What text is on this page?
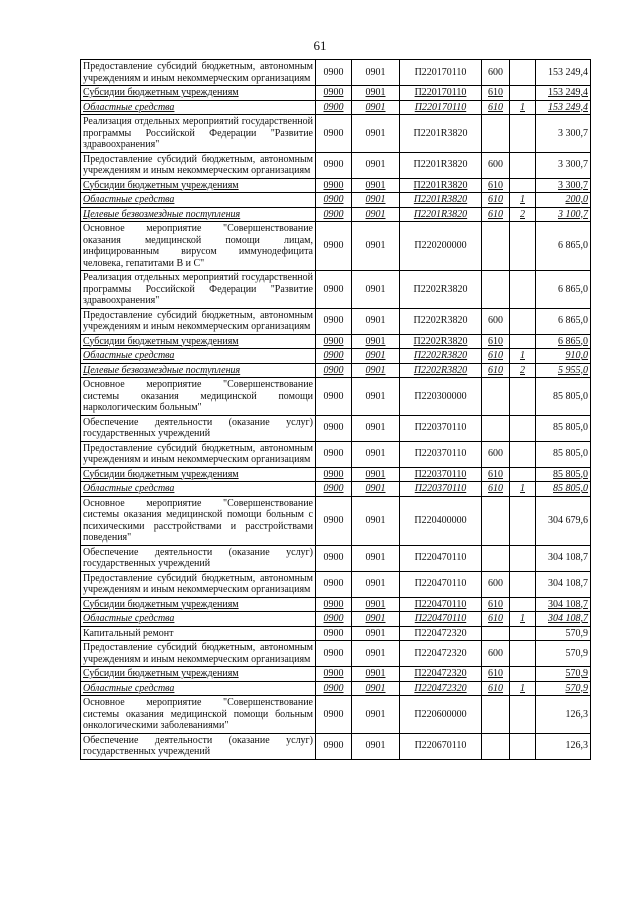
61
Предоставление субсидий бюджетным, автономным учреждениям и иным некоммерческим организациям	0900	0901	П220170110	600		153 249,4
Субсидии бюджетным учреждениям	0900	0901	П220170110	610		153 249,4
Областные средства	0900	0901	П220170110	610	1	153 249,4
Реализация отдельных мероприятий государственной программы Российской Федерации "Развитие здравоохранения"	0900	0901	П2201R3820			3 300,7
Предоставление субсидий бюджетным, автономным учреждениям и иным некоммерческим организациям	0900	0901	П2201R3820	600		3 300,7
Субсидии бюджетным учреждениям	0900	0901	П2201R3820	610		3 300,7
Областные средства	0900	0901	П2201R3820	610	1	200,0
Целевые безвозмездные поступления	0900	0901	П2201R3820	610	2	3 100,7
Основное мероприятие "Совершенствование оказания медицинской помощи лицам, инфицированным вирусом иммунодефицита человека, гепатитами В и С"	0900	0901	П220200000			6 865,0
Реализация отдельных мероприятий государственной программы Российской Федерации "Развитие здравоохранения"	0900	0901	П2202R3820			6 865,0
Предоставление субсидий бюджетным, автономным учреждениям и иным некоммерческим организациям	0900	0901	П2202R3820	600		6 865,0
Субсидии бюджетным учреждениям	0900	0901	П2202R3820	610		6 865,0
Областные средства	0900	0901	П2202R3820	610	1	910,0
Целевые безвозмездные поступления	0900	0901	П2202R3820	610	2	5 955,0
Основное мероприятие "Совершенствование системы оказания медицинской помощи наркологическим больным"	0900	0901	П220300000			85 805,0
Обеспечение деятельности (оказание услуг) государственных учреждений	0900	0901	П220370110			85 805,0
Предоставление субсидий бюджетным, автономным учреждениям и иным некоммерческим организациям	0900	0901	П220370110	600		85 805,0
Субсидии бюджетным учреждениям	0900	0901	П220370110	610		85 805,0
Областные средства	0900	0901	П220370110	610	1	85 805,0
Основное мероприятие "Совершенствование системы оказания медицинской помощи больным с психическими расстройствами и расстройствами поведения"	0900	0901	П220400000			304 679,6
Обеспечение деятельности (оказание услуг) государственных учреждений	0900	0901	П220470110			304 108,7
Предоставление субсидий бюджетным, автономным учреждениям и иным некоммерческим организациям	0900	0901	П220470110	600		304 108,7
Субсидии бюджетным учреждениям	0900	0901	П220470110	610		304 108,7
Областные средства	0900	0901	П220470110	610	1	304 108,7
Капитальный ремонт	0900	0901	П220472320			570,9
Предоставление субсидий бюджетным, автономным учреждениям и иным некоммерческим организациям	0900	0901	П220472320	600		570,9
Субсидии бюджетным учреждениям	0900	0901	П220472320	610		570,9
Областные средства	0900	0901	П220472320	610	1	570,9
Основное мероприятие "Совершенствование системы оказания медицинской помощи больным онкологическими заболеваниями"	0900	0901	П220600000			126,3
Обеспечение деятельности (оказание услуг) государственных учреждений	0900	0901	П220670110			126,3
